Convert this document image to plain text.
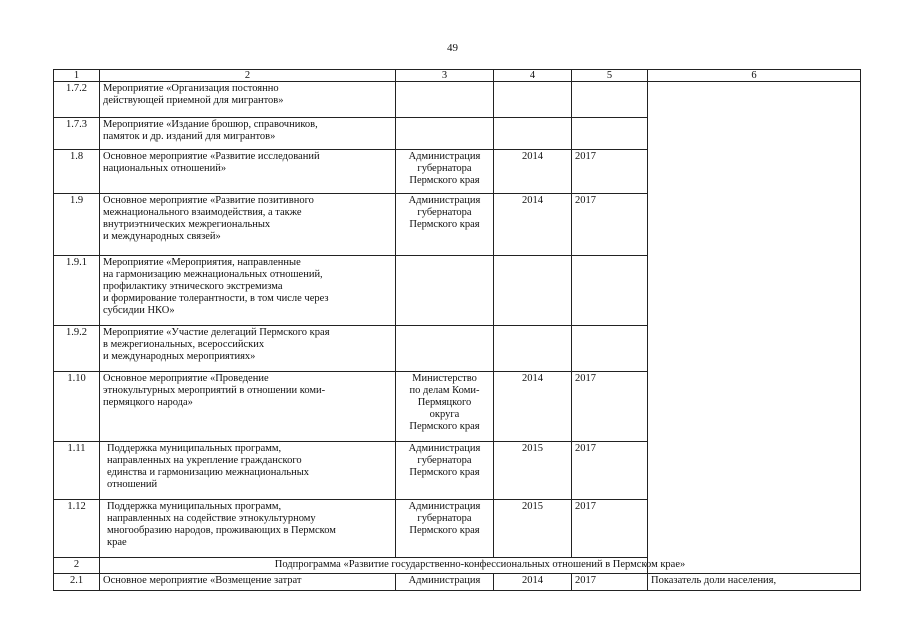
49
1	2	3	4	5	6
1.7.2	Мероприятие «Организация постоянно
действующей приемной для мигрантов»				
1.7.3	Мероприятие «Издание брошюр, справочников,
памяток и др. изданий для мигрантов»				
1.8	Основное мероприятие «Развитие исследований
национальных отношений»	Администрация
губернатора
Пермского края	2014	2017	
1.9	Основное мероприятие «Развитие позитивного
межнационального взаимодействия, а также
внутриэтнических межрегиональных
и международных связей»	Администрация
губернатора
Пермского края	2014	2017	
1.9.1	Мероприятие «Мероприятия, направленные
на гармонизацию межнациональных отношений,
профилактику этнического экстремизма
и формирование толерантности, в том числе через
субсидии НКО»				
1.9.2	Мероприятие «Участие делегаций Пермского края
в межрегиональных, всероссийских
и международных мероприятиях»				
1.10	Основное мероприятие «Проведение
этнокультурных мероприятий в отношении коми-
пермяцкого народа»	Министерство
по делам Коми-
Пермяцкого
округа
Пермского края	2014	2017	
1.11	Поддержка муниципальных программ,
направленных на укрепление гражданского
единства и гармонизацию межнациональных
отношений	Администрация
губернатора
Пермского края	2015	2017	
1.12	Поддержка муниципальных программ,
направленных на содействие этнокультурному
многообразию народов, проживающих в Пермском
крае	Администрация
губернатора
Пермского края	2015	2017	
2	Подпрограмма «Развитие государственно-конфессиональных отношений в Пермском крае»				
2.1	Основное мероприятие «Возмещение затрат	Администрация	2014	2017	Показатель доли населения,
